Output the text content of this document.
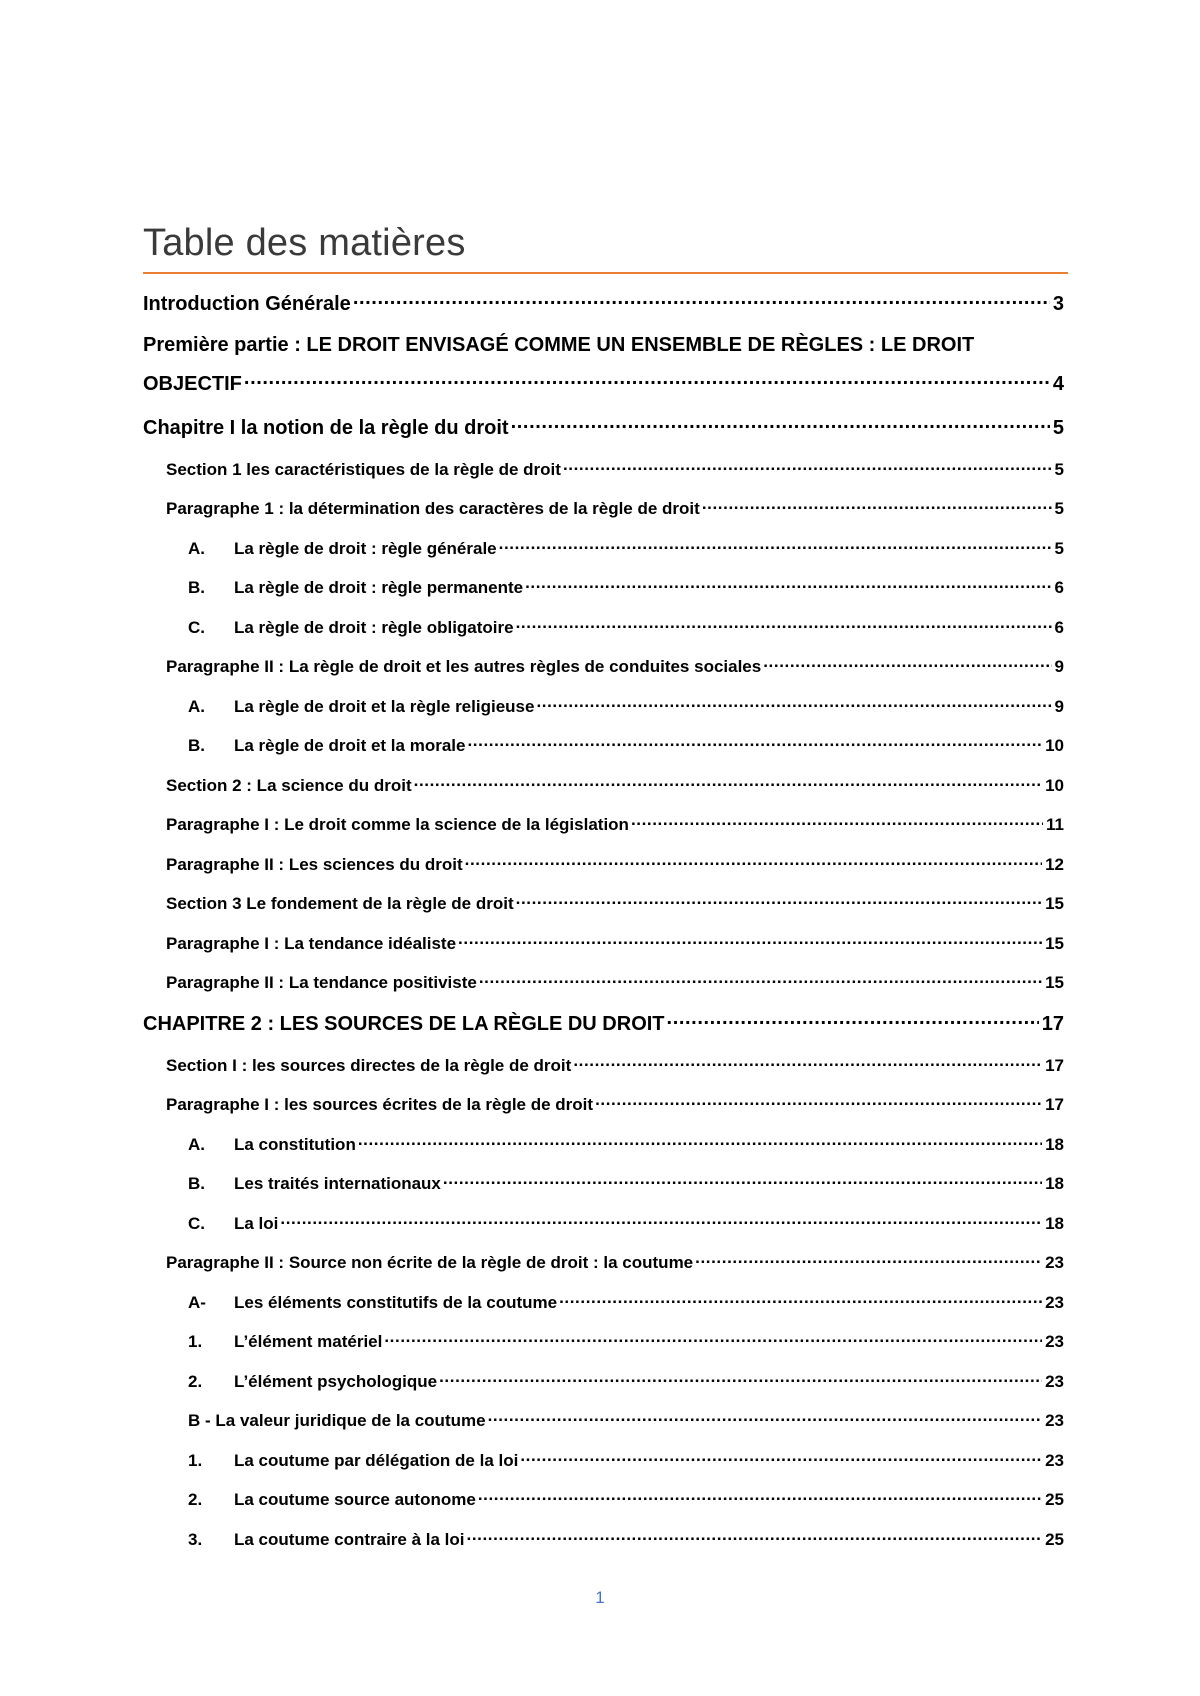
Table des matières
Introduction Générale .....	3
Première partie : LE DROIT ENVISAGÉ COMME UN ENSEMBLE DE RÈGLES : LE DROIT
OBJECTIF .....	4
Chapitre I la notion de la règle du droit .....	5
Section 1 les caractéristiques de la règle de droit .....	5
Paragraphe 1 : la détermination des caractères de la règle de droit .....	5
A.	La règle de droit : règle générale .....	5
B.	La règle de droit : règle permanente .....	6
C.	La règle de droit : règle obligatoire .....	6
Paragraphe II : La règle de droit et les autres règles de conduites sociales .....	9
A.	La règle de droit et la règle religieuse .....	9
B.	La règle de droit et la morale .....	10
Section 2 : La science du droit .....	10
Paragraphe I : Le droit comme la science de la législation .....	11
Paragraphe II : Les sciences du droit .....	12
Section 3 Le fondement de la règle de droit .....	15
Paragraphe I : La tendance idéaliste .....	15
Paragraphe II : La tendance positiviste .....	15
CHAPITRE 2 : LES SOURCES DE LA RÈGLE DU DROIT .....	17
Section I : les sources directes de la règle de droit .....	17
Paragraphe I : les sources écrites de la règle de droit .....	17
A.	La constitution .....	18
B.	Les traités internationaux .....	18
C.	La loi .....	18
Paragraphe II : Source non écrite de la règle de droit : la coutume .....	23
A-	Les éléments constitutifs de la coutume .....	23
1.	L’élément matériel .....	23
2.	L’élément psychologique .....	23
B - La valeur juridique de la coutume .....	23
1.	La coutume par délégation de la loi .....	23
2.	La coutume source autonome .....	25
3.	La coutume contraire à la loi .....	25
1
